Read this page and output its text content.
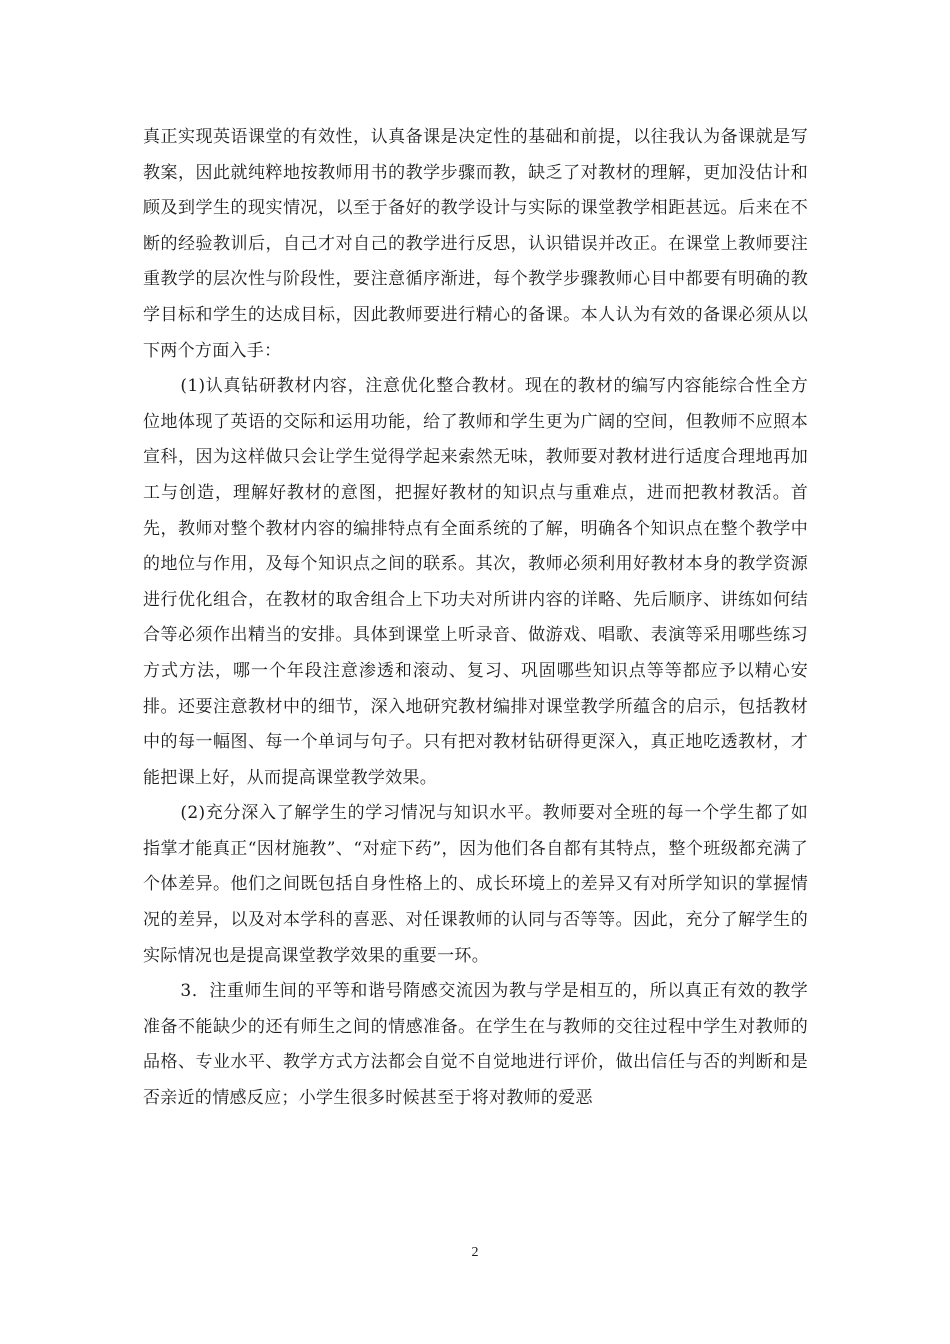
真正实现英语课堂的有效性，认真备课是决定性的基础和前提，以往我认为备课就是写教案，因此就纯粹地按教师用书的教学步骤而教，缺乏了对教材的理解，更加没估计和顾及到学生的现实情况，以至于备好的教学设计与实际的课堂教学相距甚远。后来在不断的经验教训后，自己才对自己的教学进行反思，认识错误并改正。在课堂上教师要注重教学的层次性与阶段性，要注意循序渐进，每个教学步骤教师心目中都要有明确的教学目标和学生的达成目标，因此教师要进行精心的备课。本人认为有效的备课必须从以下两个方面入手：

(1)认真钻研教材内容，注意优化整合教材。现在的教材的编写内容能综合性全方位地体现了英语的交际和运用功能，给了教师和学生更为广阔的空间，但教师不应照本宣科，因为这样做只会让学生觉得学起来索然无味，教师要对教材进行适度合理地再加工与创造，理解好教材的意图，把握好教材的知识点与重难点，进而把教材教活。首先，教师对整个教材内容的编排特点有全面系统的了解，明确各个知识点在整个教学中的地位与作用，及每个知识点之间的联系。其次，教师必须利用好教材本身的教学资源进行优化组合，在教材的取舍组合上下功夫对所讲内容的详略、先后顺序、讲练如何结合等必须作出精当的安排。具体到课堂上听录音、做游戏、唱歌、表演等采用哪些练习方式方法，哪一个年段注意渗透和滚动、复习、巩固哪些知识点等等都应予以精心安排。还要注意教材中的细节，深入地研究教材编排对课堂教学所蕴含的启示，包括教材中的每一幅图、每一个单词与句子。只有把对教材钻研得更深入，真正地吃透教材，才能把课上好，从而提高课堂教学效果。

(2)充分深入了解学生的学习情况与知识水平。教师要对全班的每一个学生都了如指掌才能真正“因材施教”、“对症下药”，因为他们各自都有其特点，整个班级都充满了个体差异。他们之间既包括自身性格上的、成长环境上的差异又有对所学知识的掌握情况的差异，以及对本学科的喜恶、对任课教师的认同与否等等。因此，充分了解学生的实际情况也是提高课堂教学效果的重要一环。

3．注重师生间的平等和谐号隋感交流因为教与学是相互的，所以真正有效的教学准备不能缺少的还有师生之间的情感准备。在学生在与教师的交往过程中学生对教师的品格、专业水平、教学方式方法都会自觉不自觉地进行评价，做出信任与否的判断和是否亲近的情感反应；小学生很多时候甚至于将对教师的爱恶

2
